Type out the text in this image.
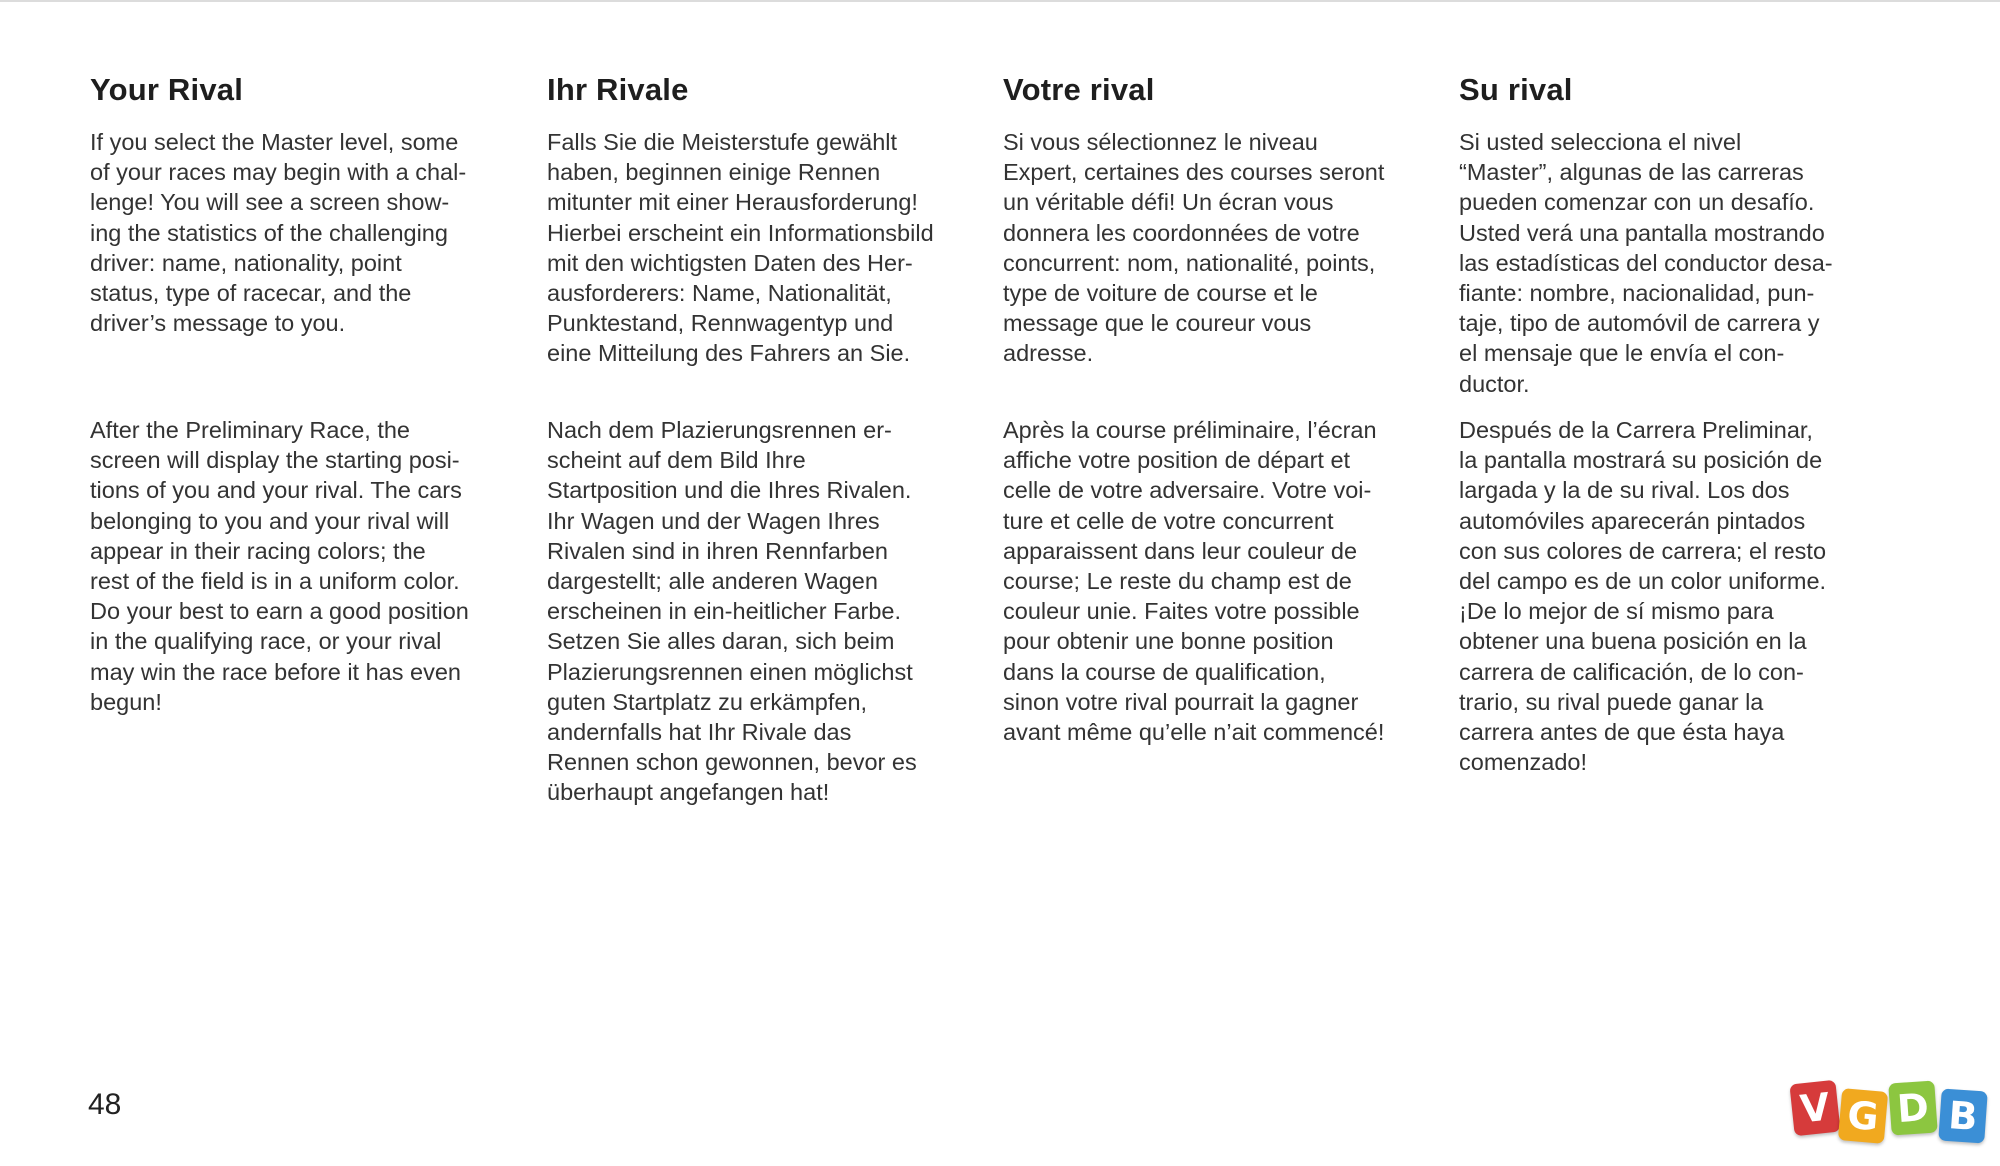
Your Rival

If you select the Master level, some
of your races may begin with a chal-
lenge! You will see a screen show-
ing the statistics of the challenging
driver: name, nationality, point
status, type of racecar, and the
driver’s message to you.

After the Preliminary Race, the
screen will display the starting posi-
tions of you and your rival. The cars
belonging to you and your rival will
appear in their racing colors; the
rest of the field is in a uniform color.
Do your best to earn a good position
in the qualifying race, or your rival
may win the race before it has even
begun!

Ihr Rivale

Falls Sie die Meisterstufe gewählt
haben, beginnen einige Rennen
mitunter mit einer Herausforderung!
Hierbei erscheint ein Informationsbild
mit den wichtigsten Daten des Her-
ausforderers: Name, Nationalität,
Punktestand, Rennwagentyp und
eine Mitteilung des Fahrers an Sie.

Nach dem Plazierungsrennen er-
scheint auf dem Bild Ihre
Startposition und die Ihres Rivalen.
Ihr Wagen und der Wagen Ihres
Rivalen sind in ihren Rennfarben
dargestellt; alle anderen Wagen
erscheinen in ein-heitlicher Farbe.
Setzen Sie alles daran, sich beim
Plazierungsrennen einen möglichst
guten Startplatz zu erkämpfen,
andernfalls hat Ihr Rivale das
Rennen schon gewonnen, bevor es
überhaupt angefangen hat!

Votre rival

Si vous sélectionnez le niveau
Expert, certaines des courses seront
un véritable défi! Un écran vous
donnera les coordonnées de votre
concurrent: nom, nationalité, points,
type de voiture de course et le
message que le coureur vous
adresse.

Après la course préliminaire, l’écran
affiche votre position de départ et
celle de votre adversaire. Votre voi-
ture et celle de votre concurrent
apparaissent dans leur couleur de
course; Le reste du champ est de
couleur unie. Faites votre possible
pour obtenir une bonne position
dans la course de qualification,
sinon votre rival pourrait la gagner
avant même qu’elle n’ait commencé!

Su rival

Si usted selecciona el nivel
“Master”, algunas de las carreras
pueden comenzar con un desafío.
Usted verá una pantalla mostrando
las estadísticas del conductor desa-
fiante: nombre, nacionalidad, pun-
taje, tipo de automóvil de carrera y
el mensaje que le envía el con-
ductor.

Después de la Carrera Preliminar,
la pantalla mostrará su posición de
largada y la de su rival. Los dos
automóviles aparecerán pintados
con sus colores de carrera; el resto
del campo es de un color uniforme.
¡De lo mejor de sí mismo para
obtener una buena posición en la
carrera de calificación, de lo con-
trario, su rival puede ganar la
carrera antes de que ésta haya
comenzado!

48	V G D B
